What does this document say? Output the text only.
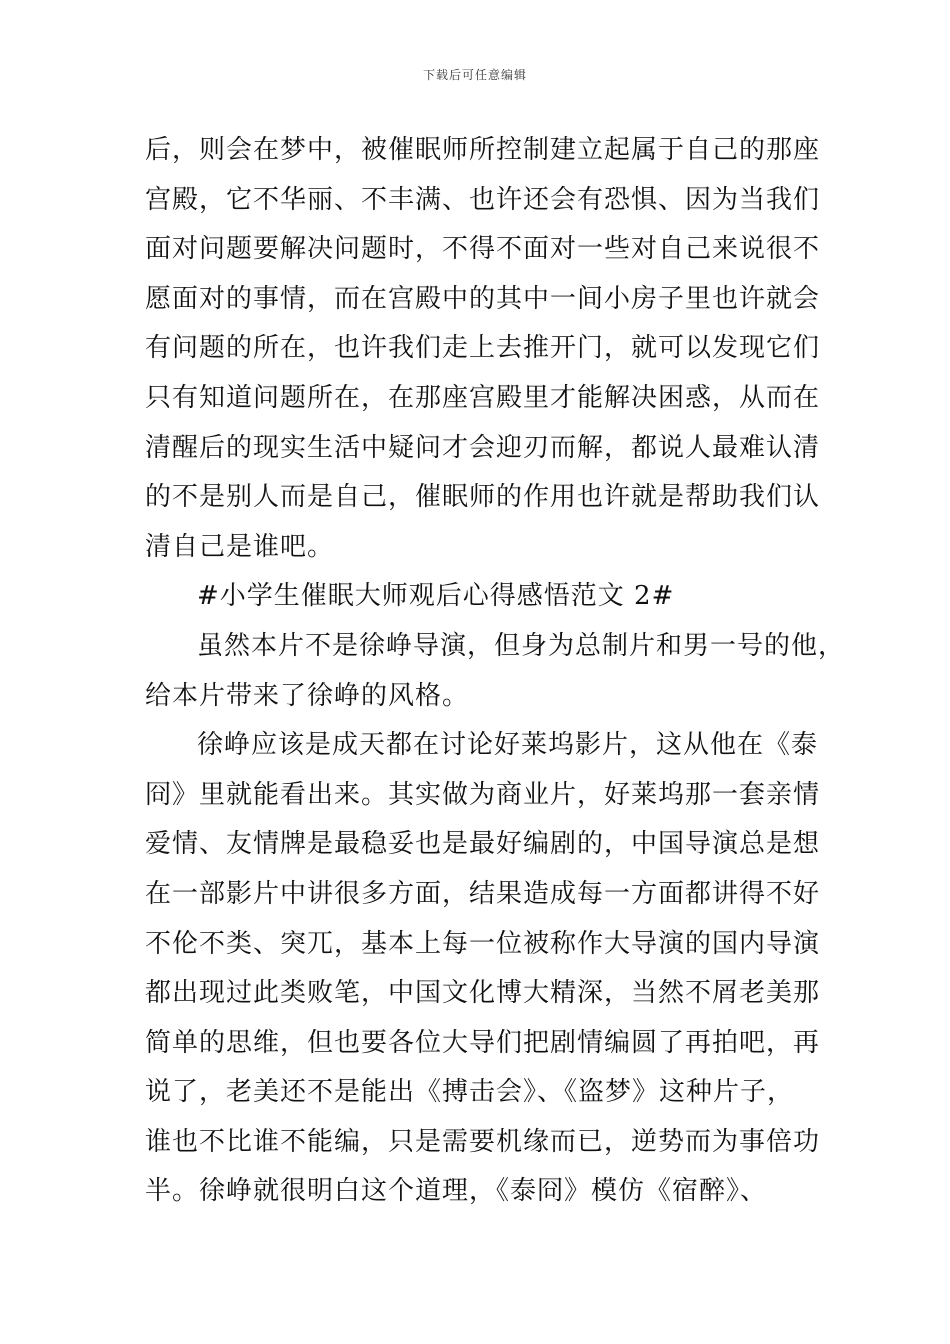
下载后可任意编辑
后，则会在梦中，被催眠师所控制建立起属于自己的那座
宫殿，它不华丽、不丰满、也许还会有恐惧、因为当我们
面对问题要解决问题时，不得不面对一些对自己来说很不
愿面对的事情，而在宫殿中的其中一间小房子里也许就会
有问题的所在，也许我们走上去推开门，就可以发现它们
只有知道问题所在，在那座宫殿里才能解决困惑，从而在
清醒后的现实生活中疑问才会迎刃而解，都说人最难认清
的不是别人而是自己，催眠师的作用也许就是帮助我们认
清自己是谁吧。
#小学生催眠大师观后心得感悟范文 2#
虽然本片不是徐峥导演，但身为总制片和男一号的他，
给本片带来了徐峥的风格。
徐峥应该是成天都在讨论好莱坞影片，这从他在《泰
冏》里就能看出来。其实做为商业片，好莱坞那一套亲情
爱情、友情牌是最稳妥也是最好编剧的，中国导演总是想
在一部影片中讲很多方面，结果造成每一方面都讲得不好
不伦不类、突兀，基本上每一位被称作大导演的国内导演
都出现过此类败笔，中国文化博大精深，当然不屑老美那
简单的思维，但也要各位大导们把剧情编圆了再拍吧，再
说了，老美还不是能出《搏击会》、《盗梦》这种片子，
谁也不比谁不能编，只是需要机缘而已，逆势而为事倍功
半。徐峥就很明白这个道理，《泰冏》模仿《宿醉》、
